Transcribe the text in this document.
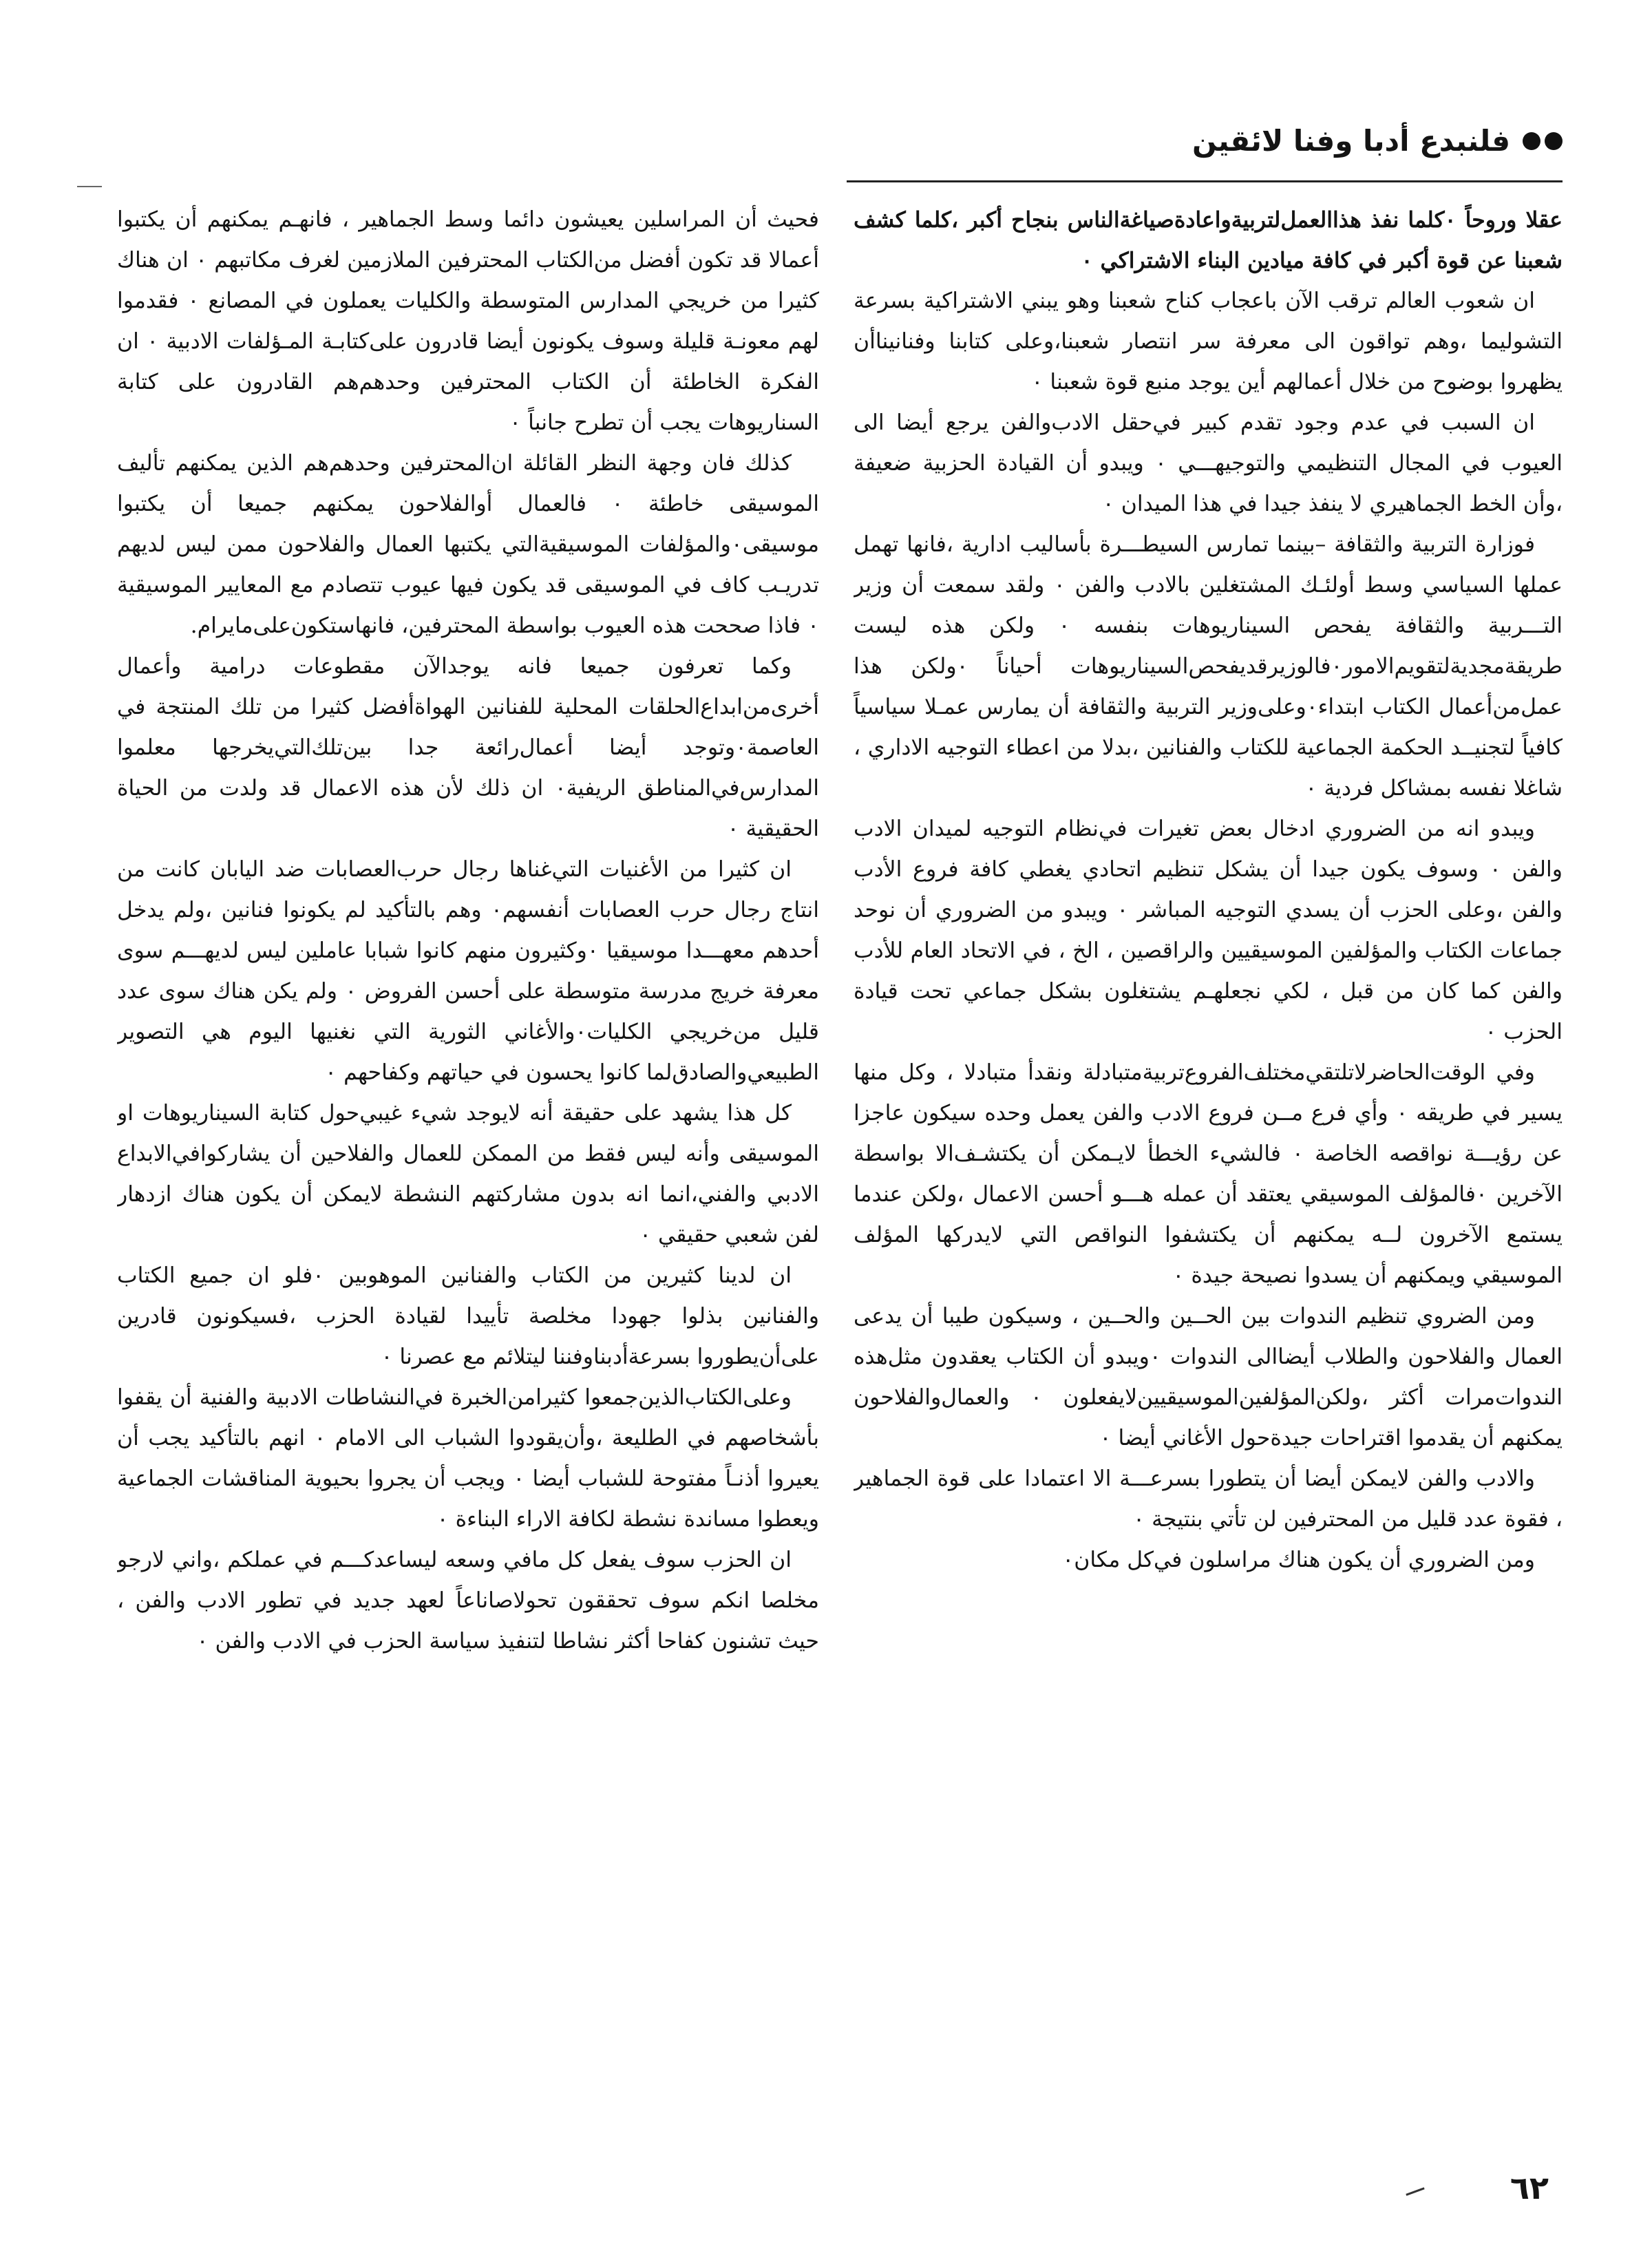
فلنبدع أدبا وفنا لائقين

عقلا وروحاً ٠كلما نفذ هذاالعمل‌لتربية‌واعادةصياغةالناس بنجاح أكبر ،كلما كشف شعبنا عن قوة أكبر في كافة ميادين البناء الاشتراكي ٠

ان شعوب العالم ترقب الآن باعجاب كناح شعبنا وهو يبني الاشتراكية بسرعة التشوليما ،وهم تواقون الى معرفة سر انتصار شعبنا،وعلى كتابنا وفنانيناأن يظهروا بوضوح من خلال أعمالهم أين يوجد منبع قوة شعبنا ٠

ان السبب في عدم وجود تقدم كبير في‌حقل الادب‌والفن يرجع أيضا الى العيوب في المجال التنظيمي والتوجيهـــي ٠ ويبدو أن القيادة الحزبية ضعيفة ،وأن الخط الجماهيري لا ينفذ جيدا في هذا الميدان ٠

فوزارة التربية والثقافة –بينما تمارس السيطـــرة بأساليب ادارية ،فانها تهمل عملها السياسي وسط أولئـك المشتغلين بالادب والفن ٠ ولقد سمعت أن وزير التـــربية والثقافة يفحص السيناريوهات بنفسه ٠ ولكن هذه ليست طريقةمجدية‌لتقويم‌الامور٠فالوزيرقديفحص‌السيناريوهات أحياناً ٠ولكن هذا عمل‌من‌أعمال الكتاب ابتداء٠وعلى‌وزير التربية والثقافة أن يمارس عمـلا سياسياً كافياً لتجنيــد الحكمة الجماعية للكتاب والفنانين ،بدلا من اعطاء التوجيه الاداري ، شاغلا نفسه بمشاكل فردية ٠

ويبدو انه من الضروري ادخال بعض تغيرات في‌نظام التوجيه لميدان الادب والفن ٠ وسوف يكون جيدا أن يشكل تنظيم اتحادي يغطي كافة فروع الأدب والفن ،وعلى الحزب أن يسدي التوجيه المباشر ٠ ويبدو من الضروري أن نوحد جماعات الكتاب والمؤلفين الموسيقيين والراقصين ، الخ ، في الاتحاد العام للأدب والفن كما كان من قبل ، لكي نجعلهـم يشتغلون بشكل جماعي تحت قيادة الحزب ٠

وفي الوقت‌الحاضرلاتلتقي‌مختلف‌الفروع‌تربية‌متبادلة ونقدأ متبادلا ، وكل منها يسير في طريقه ٠ وأي فرع مــن فروع الادب والفن يعمل وحده سيكون عاجزا عن رؤيـــة نواقصه الخاصة ٠ فالشيء الخطأ لايـمكن أن يكتشـف‌الا بواسطة الآخرين ٠فالمؤلف الموسيقي يعتقد أن عمله هـــو أحسن الاعمال ،ولكن عندما يستمع الآخرون لــه يمكنهم أن يكتشفوا النواقص التي لايدركها المؤلف الموسيقي ويمكنهم أن يسدوا نصيحة جيدة ٠

ومن الضروي تنظيم الندوات بين الحــين والحــين ، وسيكون طيبا أن يدعى العمال والفلاحون والطلاب أيضاالى الندوات ٠ويبدو أن الكتاب يعقدون مثل‌هذه الندوات‌مرات أكثر ،ولكن‌المؤلفين‌الموسيقيين‌لايفعلون ٠ والعمال‌والفلاحون يمكنهم أن يقدموا اقتراحات جيدةحول الأغاني أيضا ٠

والادب والفن لايمكن أيضا أن يتطورا بسرعـــة الا اعتمادا على قوة الجماهير ، فقوة عدد قليل من المحترفين لن تأتي بنتيجة ٠

ومن الضروري أن يكون هناك مراسلون في‌كل مكان٠

فحيث أن المراسلين يعيشون دائما وسط الجماهير ، فانهـم يمكنهم أن يكتبوا أعمالا قد تكون أفضل من‌الكتاب المحترفين الملازمين لغرف مكاتبهم ٠ ان هناك كثيرا من خريجي المدارس المتوسطة والكليات يعملون في المصانع ٠ فقدموا لهم معونـة قليلة وسوف يكونون أيضا قادرون على‌كتابـة المـؤلفات الادبية ٠ ان الفكرة الخاطئة أن الكتاب المحترفين وحدهم‌هم القادرون على كتابة السناريوهات يجب أن تطرح جانباً ٠

كذلك فان وجهة النظر القائلة ان‌المحترفين وحدهم‌هم الذين يمكنهم تأليف الموسيقى خاطئة ٠ فالعمال أوالفلاحون يمكنهم جميعا أن يكتبوا موسيقى٠والمؤلفات الموسيقية‌التي يكتبها العمال والفلاحون ممن ليس لديهم تدريـب كاف في الموسيقى قد يكون فيها عيوب تتصادم مع المعايير الموسيقية ٠ فاذا صححت هذه العيوب بواسطة المحترفين، فانهاستكون‌على‌مايرام.

وكما تعرفون جميعا فانه يوجد‌الآن مقطوعات درامية وأعمال أخرى‌من‌ابداع‌الحلقات المحلية للفنانين الهواة‌أفضل كثيرا من تلك المنتجة في العاصمة٠وتوجد أيضا أعمال‌رائعة جدا بين‌تلك‌التي‌يخرجها معلموا المدارس‌في‌المناطق الريفية٠ ان ذلك لأن هذه الاعمال قد ولدت من الحياة الحقيقية ٠

ان كثيرا من الأغنيات التي‌غناها رجال حرب‌العصابات ضد اليابان كانت من انتاج رجال حرب العصابات أنفسهم٠ وهم بالتأكيد لم يكونوا فنانين ،ولم يدخل أحدهم معهـــدا موسيقيا ٠وكثيرون منهم كانوا شبابا عاملين ليس لديهـــم سوى معرفة خريج مدرسة متوسطة على أحسن الفروض ٠ ولم يكن هناك سوى عدد قليل من‌خريجي الكليات٠والأغاني الثورية التي نغنيها اليوم هي التصوير الطبيعي‌والصادق‌لما كانوا يحسون في حياتهم وكفاحهم ٠

كل هذا يشهد على حقيقة أنه لايوجد شيء غيبي‌حول كتابة السيناريوهات او الموسيقى وأنه ليس فقط من الممكن للعمال والفلاحين أن يشاركوافي‌الابداع الادبي والفني،انما انه بدون مشاركتهم النشطة لايمكن أن يكون هناك ازدهار لفن شعبي حقيقي ٠

ان لدينا كثيرين من الكتاب والفنانين الموهوبين ٠فلو ان جميع الكتاب والفنانين بذلوا جهودا مخلصة تأييدا لقيادة الحزب ،فسيكونون قادرين على‌أن‌يطوروا بسرعة‌أدبناوفننا ليتلائم مع عصرنا ٠

وعلى‌الكتاب‌الذين‌جمعوا كثيرامن‌الخبرة في‌النشاطات الادبية والفنية أن يقفوا بأشخاصهم في الطليعة ،وأن‌يقودوا الشباب الى الامام ٠ انهم بالتأكيد يجب أن يعيروا أذنـاً مفتوحة للشباب أيضا ٠ ويجب أن يجروا بحيوية المناقشات الجماعية ويعطوا مساندة نشطة لكافة الاراء البناءة ٠

ان الحزب سوف يفعل كل مافي وسعه ليساعدكـــم في عملكم ،واني لارجو مخلصا انكم سوف تحققون تحولاصاناعاً لعهد جديد في تطور الادب والفن ، حيث تشنون كفاحا أكثر نشاطا لتنفيذ سياسة الحزب في الادب والفن ٠

٦٢
